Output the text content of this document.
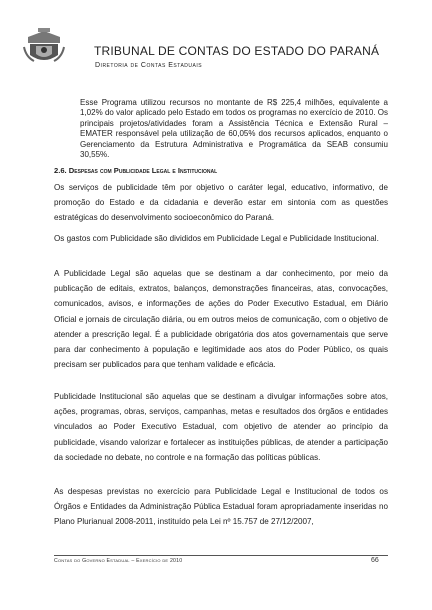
TRIBUNAL DE CONTAS DO ESTADO DO PARANÁ
Diretoria de Contas Estaduais
Esse Programa utilizou recursos no montante de R$ 225,4 milhões, equivalente a 1,02% do valor aplicado pelo Estado em todos os programas no exercício de 2010. Os principais projetos/atividades foram a Assistência Técnica e Extensão Rural – EMATER responsável pela utilização de 60,05% dos recursos aplicados, enquanto o Gerenciamento da Estrutura Administrativa e Programática da SEAB consumiu 30,55%.
2.6. Despesas com Publicidade Legal e Institucional
Os serviços de publicidade têm por objetivo o caráter legal, educativo, informativo, de promoção do Estado e da cidadania e deverão estar em sintonia com as questões estratégicas do desenvolvimento socioeconômico do Paraná.
Os gastos com Publicidade são divididos em Publicidade Legal e Publicidade Institucional.
A Publicidade Legal são aquelas que se destinam a dar conhecimento, por meio da publicação de editais, extratos, balanços, demonstrações financeiras, atas, convocações, comunicados, avisos, e informações de ações do Poder Executivo Estadual, em Diário Oficial e jornais de circulação diária, ou em outros meios de comunicação, com o objetivo de atender a prescrição legal. É a publicidade obrigatória dos atos governamentais que serve para dar conhecimento à população e legitimidade aos atos do Poder Público, os quais precisam ser publicados para que tenham validade e eficácia.
Publicidade Institucional são aquelas que se destinam a divulgar informações sobre atos, ações, programas, obras, serviços, campanhas, metas e resultados dos órgãos e entidades vinculados ao Poder Executivo Estadual, com objetivo de atender ao princípio da publicidade, visando valorizar e fortalecer as instituições públicas, de atender a participação da sociedade no debate, no controle e na formação das políticas públicas.
As despesas previstas no exercício para Publicidade Legal e Institucional de todos os Órgãos e Entidades da Administração Pública Estadual foram apropriadamente inseridas no Plano Plurianual 2008-2011, instituído pela Lei nº 15.757 de 27/12/2007,
Contas do Governo Estadual – Exercício de 2010	66
